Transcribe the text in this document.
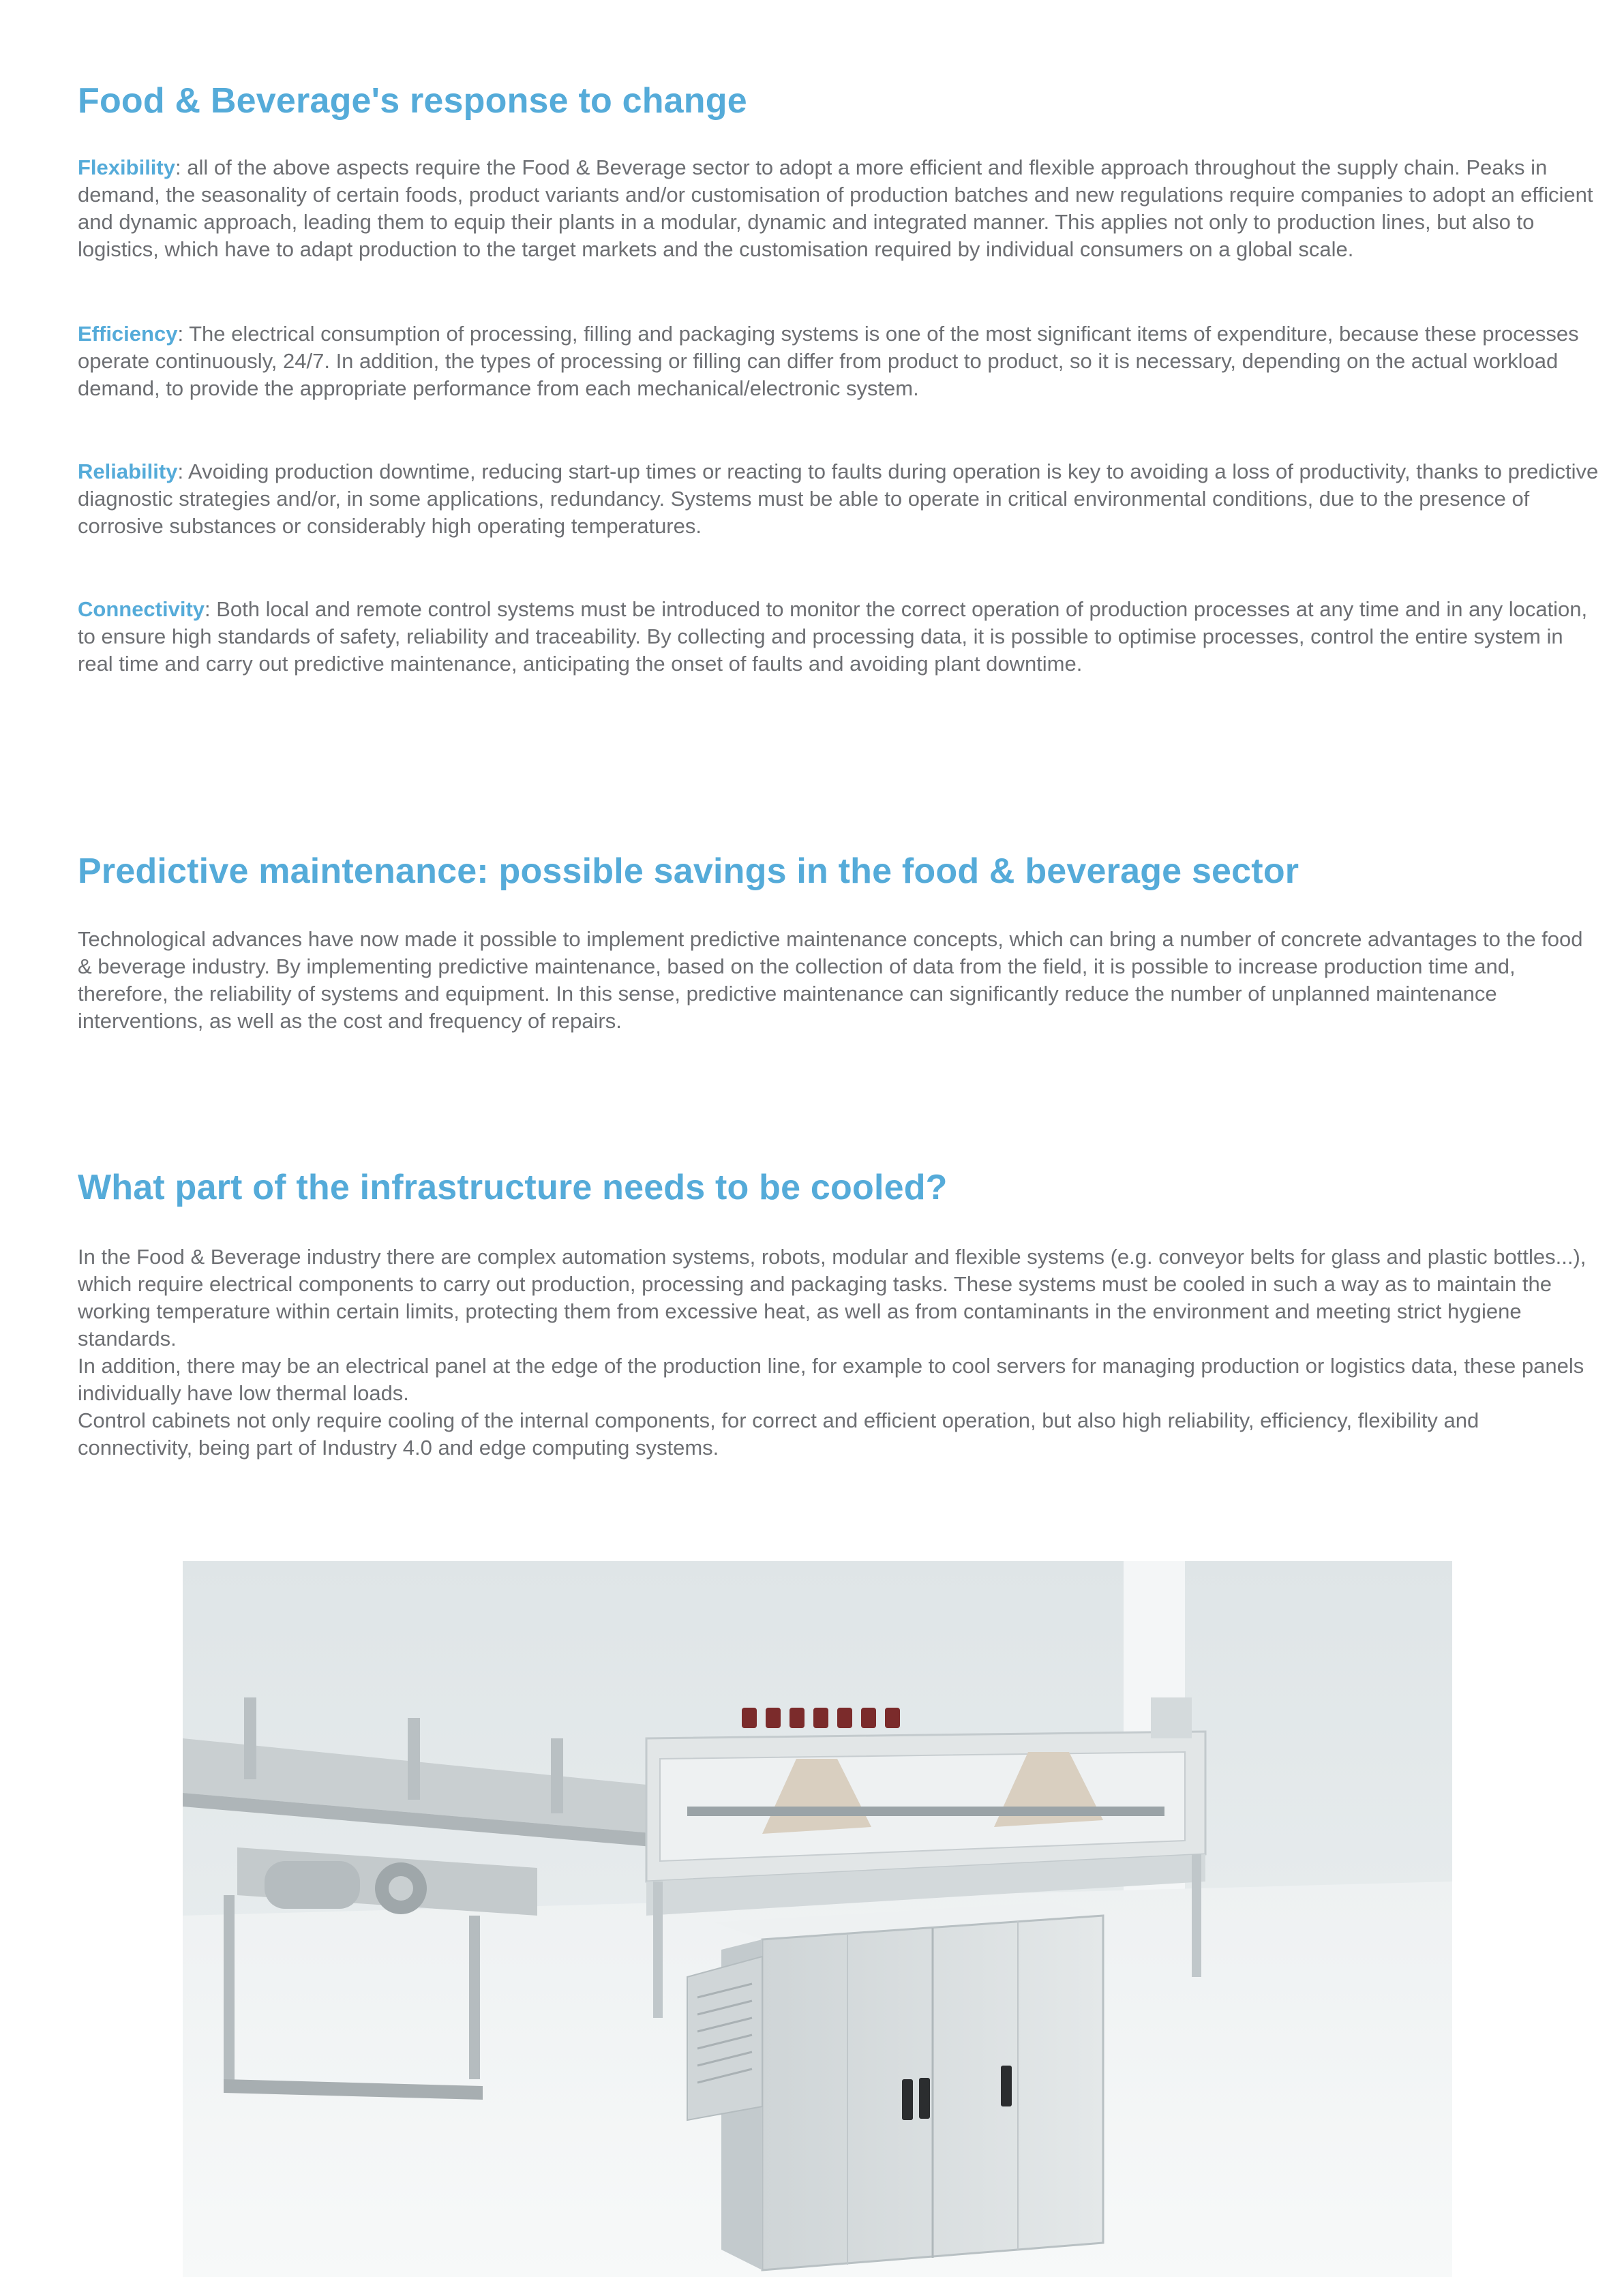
Food & Beverage's response to change

Flexibility: all of the above aspects require the Food & Beverage sector to adopt a more efficient and flexible approach throughout the supply chain. Peaks in demand, the seasonality of certain foods, product variants and/or customisation of production batches and new regulations require companies to adopt an efficient and dynamic approach, leading them to equip their plants in a modular, dynamic and integrated manner. This applies not only to production lines, but also to logistics, which have to adapt production to the target markets and the customisation required by individual consumers on a global scale.

Efficiency: The electrical consumption of processing, filling and packaging systems is one of the most significant items of expenditure, because these processes operate continuously, 24/7. In addition, the types of processing or filling can differ from product to product, so it is necessary, depending on the actual workload demand, to provide the appropriate performance from each mechanical/electronic system.

Reliability: Avoiding production downtime, reducing start-up times or reacting to faults during operation is key to avoiding a loss of productivity, thanks to predictive diagnostic strategies and/or, in some applications, redundancy. Systems must be able to operate in critical environmental conditions, due to the presence of corrosive substances or considerably high operating temperatures.

Connectivity: Both local and remote control systems must be introduced to monitor the correct operation of production processes at any time and in any location, to ensure high standards of safety, reliability and traceability. By collecting and processing data, it is possible to optimise processes, control the entire system in real time and carry out predictive maintenance, anticipating the onset of faults and avoiding plant downtime.

Predictive maintenance: possible savings in the food & beverage sector

Technological advances have now made it possible to implement predictive maintenance concepts, which can bring a number of concrete advantages to the food & beverage industry. By implementing predictive maintenance, based on the collection of data from the field, it is possible to increase production time and, therefore, the reliability of systems and equipment. In this sense, predictive maintenance can significantly reduce the number of unplanned maintenance interventions, as well as the cost and frequency of repairs.

What part of the infrastructure needs to be cooled?

In the Food & Beverage industry there are complex automation systems, robots, modular and flexible systems (e.g. conveyor belts for glass and plastic bottles...), which require electrical components to carry out production, processing and packaging tasks. These systems must be cooled in such a way as to maintain the working temperature within certain limits, protecting them from excessive heat, as well as from contaminants in the environment and meeting strict hygiene standards.

In addition, there may be an electrical panel at the edge of the production line, for example to cool servers for managing production or logistics data, these panels individually have low thermal loads.

Control cabinets not only require cooling of the internal components, for correct and efficient operation, but also high reliability, efficiency, flexibility and connectivity, being part of Industry 4.0 and edge computing systems.
